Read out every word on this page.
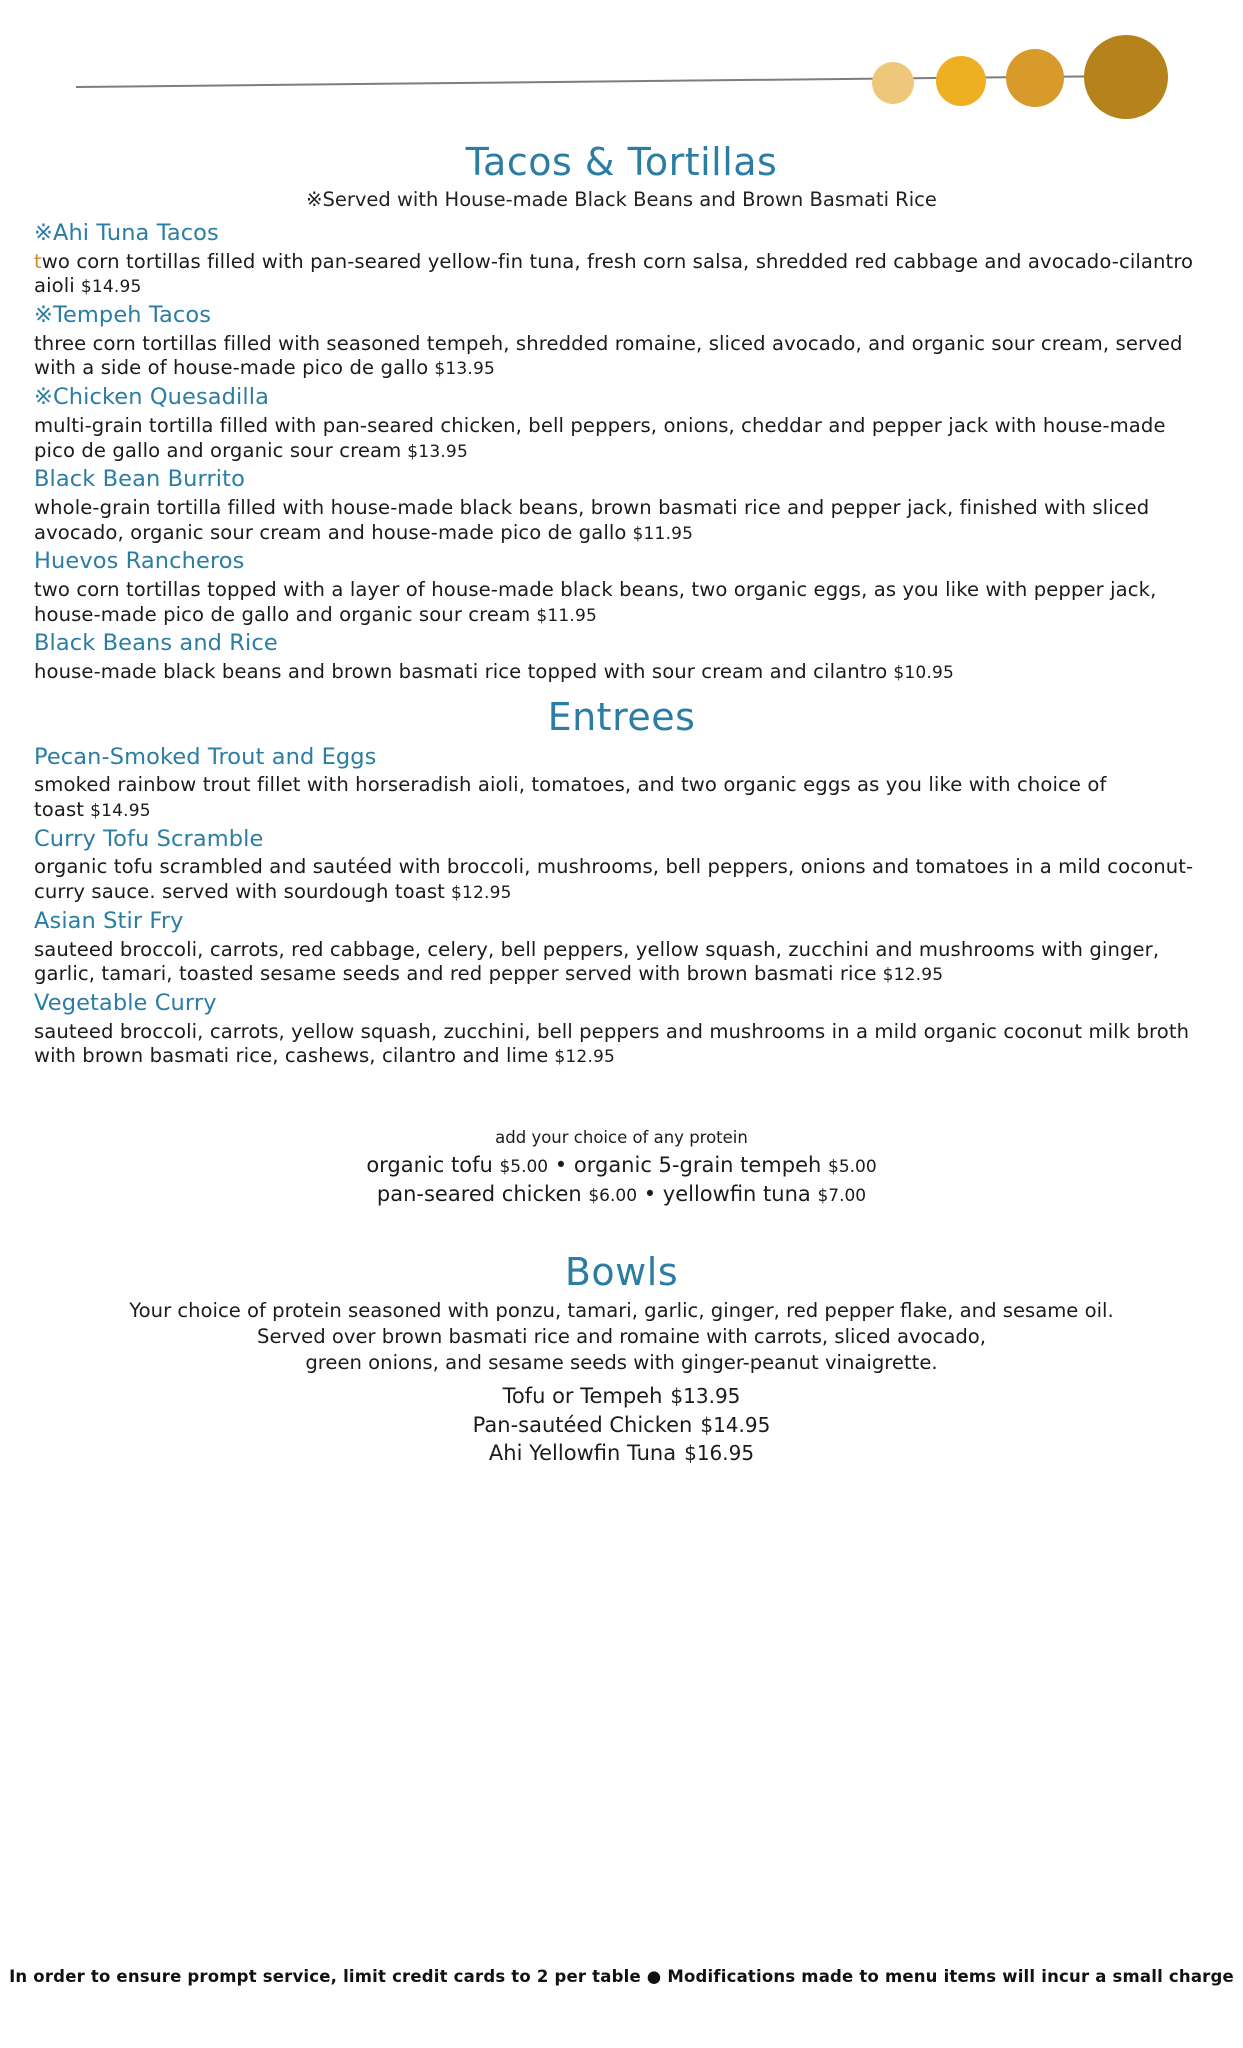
Tacos & Tortillas
※Served with House-made Black Beans and Brown Basmati Rice
※Ahi Tuna Tacos
two corn tortillas filled with pan-seared yellow-fin tuna, fresh corn salsa, shredded red cabbage and avocado-cilantro aioli $14.95
※Tempeh Tacos
three corn tortillas filled with seasoned tempeh, shredded romaine, sliced avocado, and organic sour cream, served with a side of house-made pico de gallo $13.95
※Chicken Quesadilla
multi-grain tortilla filled with pan-seared chicken, bell peppers, onions, cheddar and pepper jack with house-made pico de gallo and organic sour cream $13.95
Black Bean Burrito
whole-grain tortilla filled with house-made black beans, brown basmati rice and pepper jack, finished with sliced avocado, organic sour cream and house-made pico de gallo $11.95
Huevos Rancheros
two corn tortillas topped with a layer of house-made black beans, two organic eggs, as you like with pepper jack, house-made pico de gallo and organic sour cream $11.95
Black Beans and Rice
house-made black beans and brown basmati rice topped with sour cream and cilantro $10.95
Entrees
Pecan-Smoked Trout and Eggs
smoked rainbow trout fillet with horseradish aioli, tomatoes, and two organic eggs as you like with choice of toast $14.95
Curry Tofu Scramble
organic tofu scrambled and sautéed with broccoli, mushrooms, bell peppers, onions and tomatoes in a mild coconut-curry sauce. served with sourdough toast $12.95
Asian Stir Fry
sauteed broccoli, carrots, red cabbage, celery, bell peppers, yellow squash, zucchini and mushrooms with ginger, garlic, tamari, toasted sesame seeds and red pepper served with brown basmati rice $12.95
Vegetable Curry
sauteed broccoli, carrots, yellow squash, zucchini, bell peppers and mushrooms in a mild organic coconut milk broth with brown basmati rice, cashews, cilantro and lime $12.95
add your choice of any protein
organic tofu $5.00 • organic 5-grain tempeh $5.00
pan-seared chicken $6.00 • yellowfin tuna $7.00
Bowls
Your choice of protein seasoned with ponzu, tamari, garlic, ginger, red pepper flake, and sesame oil.
Served over brown basmati rice and romaine with carrots, sliced avocado,
green onions, and sesame seeds with ginger-peanut vinaigrette.
Tofu or Tempeh $13.95
Pan-sautéed Chicken $14.95
Ahi Yellowfin Tuna $16.95
In order to ensure prompt service, limit credit cards to 2 per table ● Modifications made to menu items will incur a small charge
